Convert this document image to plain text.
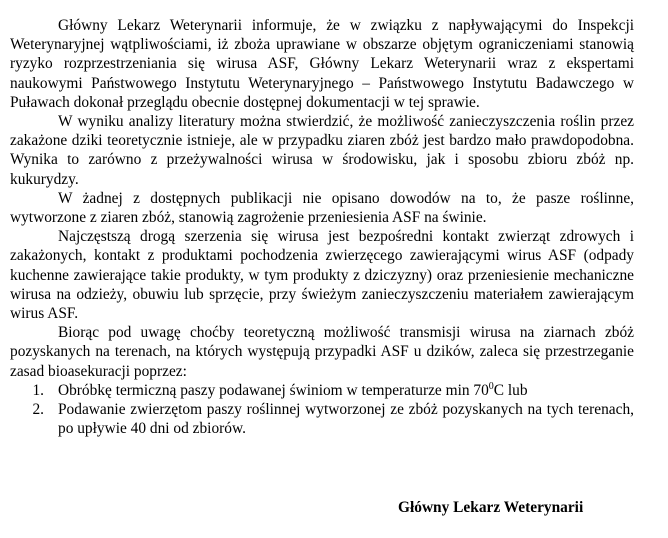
Główny Lekarz Weterynarii informuje, że w związku z napływającymi do Inspekcji Weterynaryjnej wątpliwościami, iż zboża uprawiane w obszarze objętym ograniczeniami stanowią ryzyko rozprzestrzeniania się wirusa ASF, Główny Lekarz Weterynarii wraz z ekspertami naukowymi Państwowego Instytutu Weterynaryjnego – Państwowego Instytutu Badawczego w Puławach dokonał przeglądu obecnie dostępnej dokumentacji w tej sprawie.

W wyniku analizy literatury można stwierdzić, że możliwość zanieczyszczenia roślin przez zakażone dziki teoretycznie istnieje, ale w przypadku ziaren zbóż jest bardzo mało prawdopodobna. Wynika to zarówno z przeżywalności wirusa w środowisku, jak i sposobu zbioru zbóż np. kukurydzy.

W żadnej z dostępnych publikacji nie opisano dowodów na to, że pasze roślinne, wytworzone z ziaren zbóż, stanowią zagrożenie przeniesienia ASF na świnie.

Najczęstszą drogą szerzenia się wirusa jest bezpośredni kontakt zwierząt zdrowych i zakażonych, kontakt z produktami pochodzenia zwierzęcego zawierającymi wirus ASF (odpady kuchenne zawierające takie produkty, w tym produkty z dziczyzny) oraz przeniesienie mechaniczne wirusa na odzieży, obuwiu lub sprzęcie, przy świeżym zanieczyszczeniu materiałem zawierającym wirus ASF.

Biorąc pod uwagę choćby teoretyczną możliwość transmisji wirusa na ziarnach zbóż pozyskanych na terenach, na których występują przypadki ASF u dzików, zaleca się przestrzeganie zasad bioasekuracji poprzez:

1. Obróbkę termiczną paszy podawanej świniom w temperaturze $\min 70^0C$ lub
2. Podawanie zwierzętom paszy roślinnej wytworzonej ze zbóż pozyskanych na tych terenach, po upływie 40 dni od zbiorów.
Główny Lekarz Weterynarii
